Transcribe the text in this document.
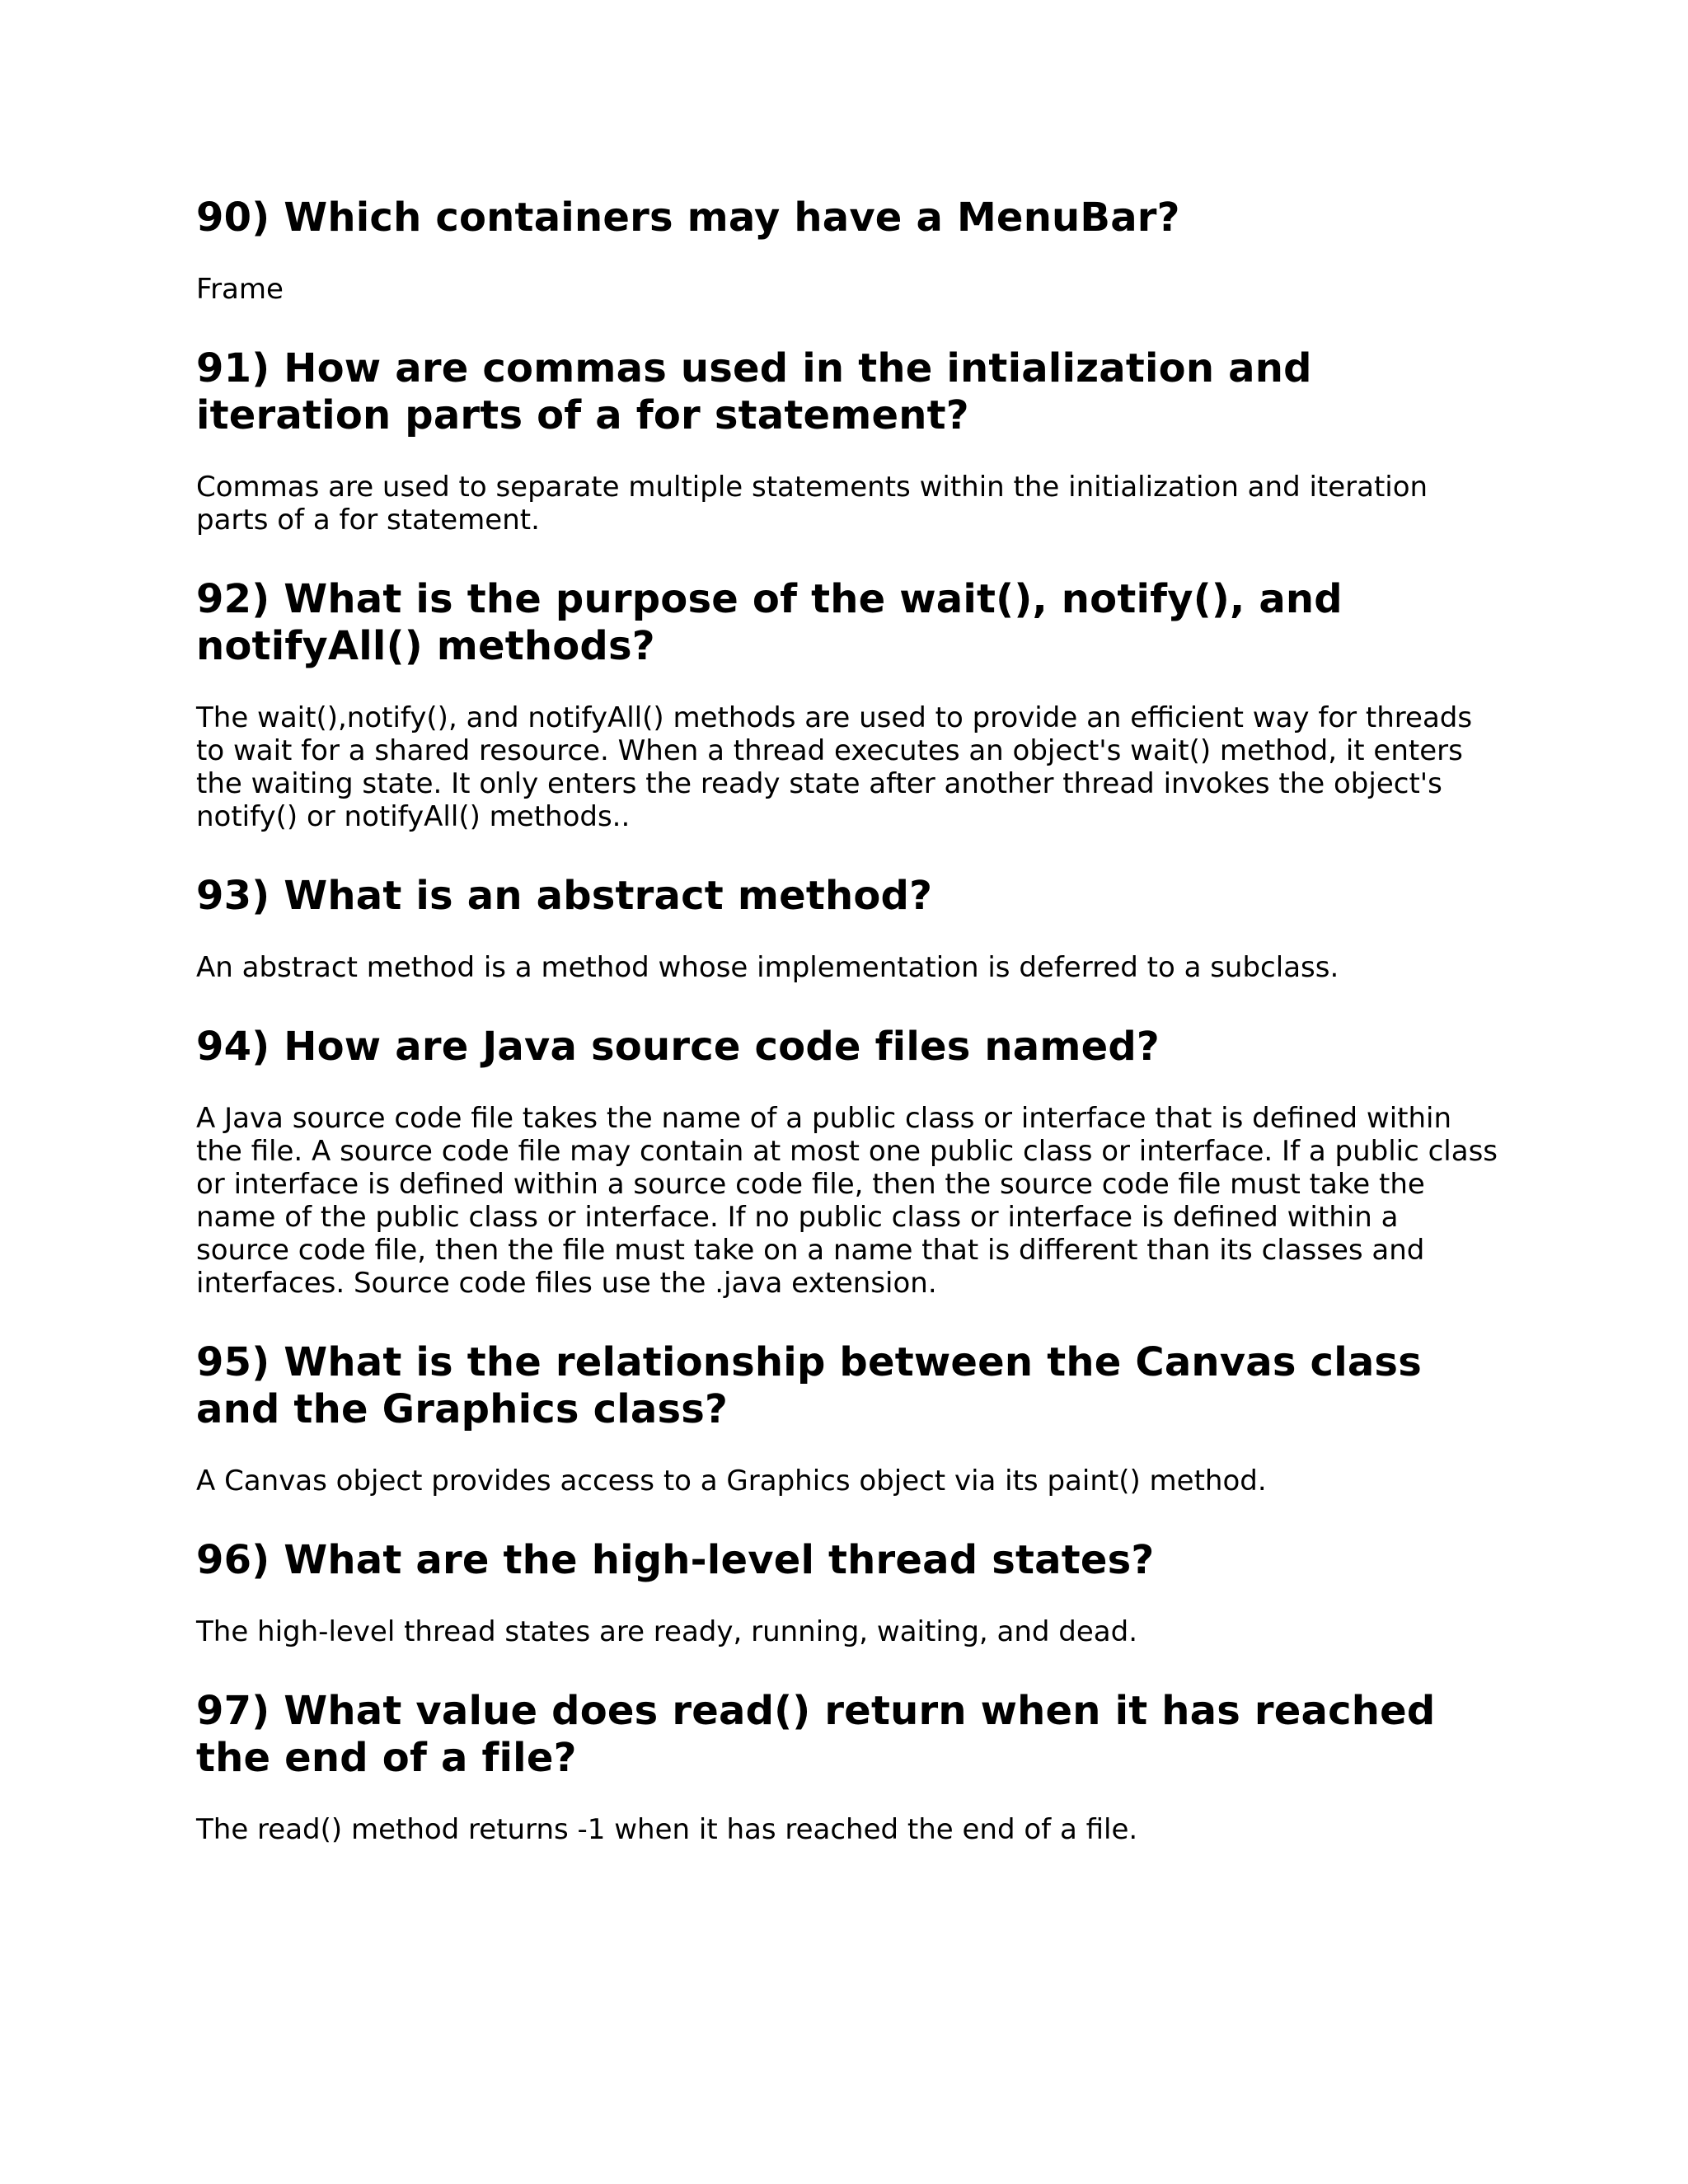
90) Which containers may have a MenuBar?

Frame

91) How are commas used in the intialization and iteration parts of a for statement?

Commas are used to separate multiple statements within the initialization and iteration parts of a for statement.

92) What is the purpose of the wait(), notify(), and notifyAll() methods?

The wait(),notify(), and notifyAll() methods are used to provide an efficient way for threads to wait for a shared resource. When a thread executes an object's wait() method, it enters the waiting state. It only enters the ready state after another thread invokes the object's notify() or notifyAll() methods..

93) What is an abstract method?

An abstract method is a method whose implementation is deferred to a subclass.

94) How are Java source code files named?

A Java source code file takes the name of a public class or interface that is defined within the file. A source code file may contain at most one public class or interface. If a public class or interface is defined within a source code file, then the source code file must take the name of the public class or interface. If no public class or interface is defined within a source code file, then the file must take on a name that is different than its classes and interfaces. Source code files use the .java extension.

95) What is the relationship between the Canvas class and the Graphics class?

A Canvas object provides access to a Graphics object via its paint() method.

96) What are the high-level thread states?

The high-level thread states are ready, running, waiting, and dead.

97) What value does read() return when it has reached the end of a file?

The read() method returns -1 when it has reached the end of a file.
